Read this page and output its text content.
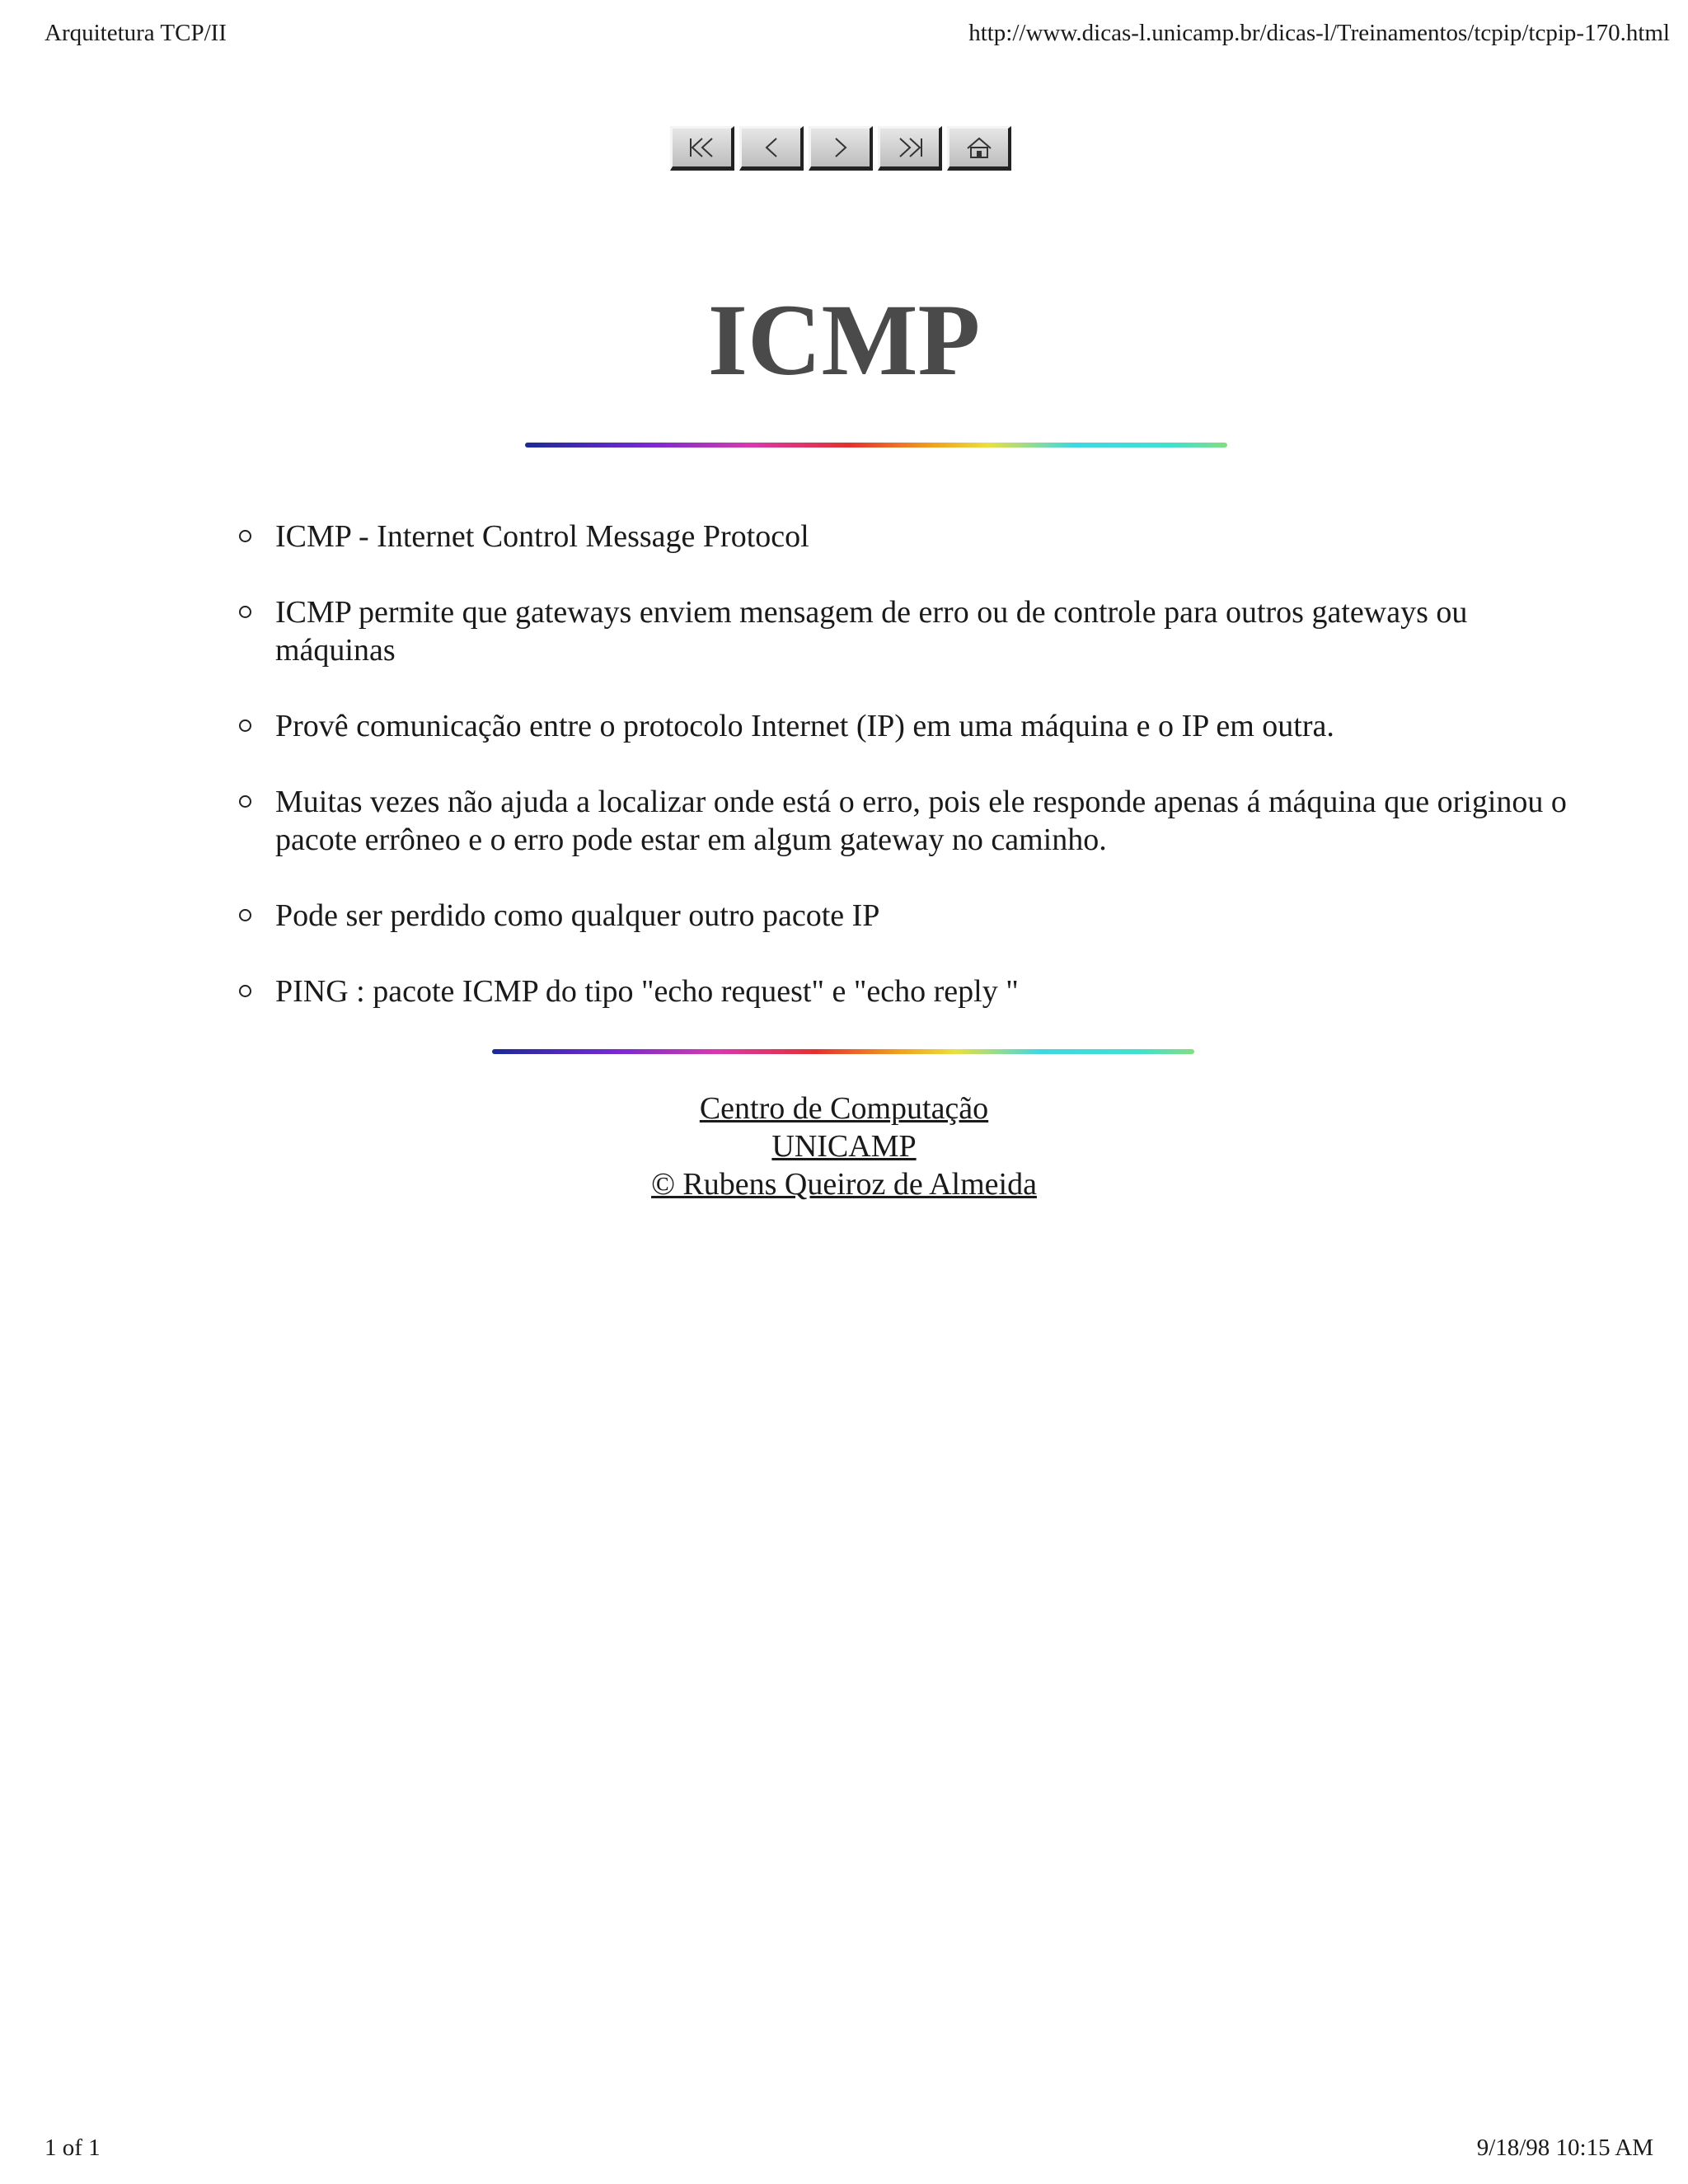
Arquitetura TCP/II	http://www.dicas-l.unicamp.br/dicas-l/Treinamentos/tcpip/tcpip-170.html
ICMP
ICMP - Internet Control Message Protocol
ICMP permite que gateways enviem mensagem de erro ou de controle para outros gateways ou máquinas
Provê comunicação entre o protocolo Internet (IP) em uma máquina e o IP em outra.
Muitas vezes não ajuda a localizar onde está o erro, pois ele responde apenas á máquina que originou o pacote errôneo e o erro pode estar em algum gateway no caminho.
Pode ser perdido como qualquer outro pacote IP
PING : pacote ICMP do tipo "echo request" e "echo reply "
Centro de Computação
UNICAMP
© Rubens Queiroz de Almeida
1 of 1	9/18/98 10:15 AM
